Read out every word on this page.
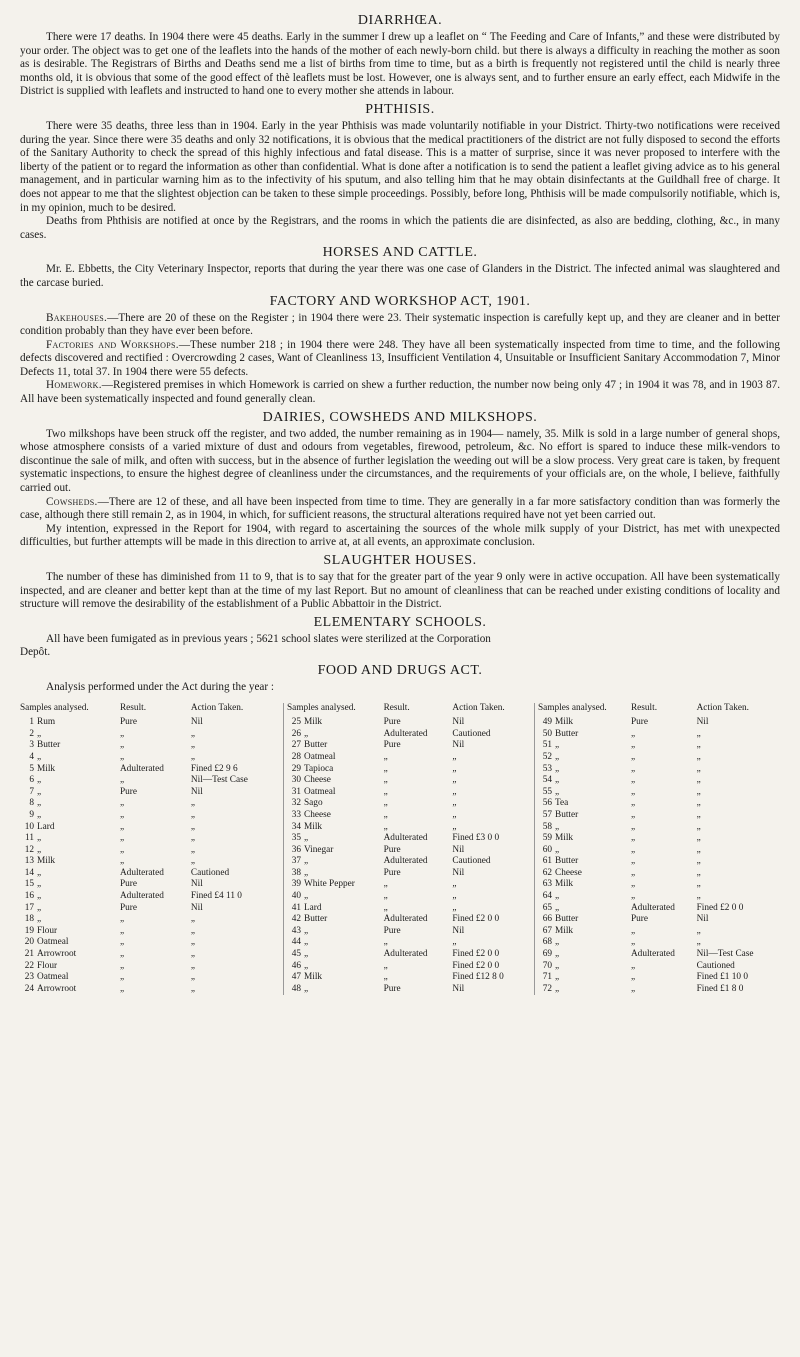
DIARRHŒA.

There were 17 deaths. In 1904 there were 45 deaths. Early in the summer I drew up a leaflet on “ The Feeding and Care of Infants,” and these were distributed by your order. The object was to get one of the leaflets into the hands of the mother of each newly-born child. but there is always a difficulty in reaching the mother as soon as is desirable. The Registrars of Births and Deaths send me a list of births from time to time, but as a birth is frequently not registered until the child is nearly three months old, it is obvious that some of the good effect of thè leaflets must be lost. However, one is always sent, and to further ensure an early effect, each Midwife in the District is supplied with leaflets and instructed to hand one to every mother she attends in labour.

PHTHISIS.

There were 35 deaths, three less than in 1904. Early in the year Phthisis was made voluntarily notifiable in your District. Thirty-two notifications were received during the year. Since there were 35 deaths and only 32 notifications, it is obvious that the medical practitioners of the district are not fully disposed to second the efforts of the Sanitary Authority to check the spread of this highly infectious and fatal disease. This is a matter of surprise, since it was never proposed to interfere with the liberty of the patient or to regard the information as other than confidential. What is done after a notification is to send the patient a leaflet giving advice as to his general management, and in particular warning him as to the infectivity of his sputum, and also telling him that he may obtain disinfectants at the Guildhall free of charge. It does not appear to me that the slightest objection can be taken to these simple proceedings. Possibly, before long, Phthisis will be made compulsorily notifiable, which is, in my opinion, much to be desired.

Deaths from Phthisis are notified at once by the Registrars, and the rooms in which the patients die are disinfected, as also are bedding, clothing, &c., in many cases.

HORSES AND CATTLE.

Mr. E. Ebbetts, the City Veterinary Inspector, reports that during the year there was one case of Glanders in the District. The infected animal was slaughtered and the carcase buried.

FACTORY AND WORKSHOP ACT, 1901.

Bakehouses.—There are 20 of these on the Register ; in 1904 there were 23. Their systematic inspection is carefully kept up, and they are cleaner and in better condition probably than they have ever been before.

Factories and Workshops.—These number 218 ; in 1904 there were 248. They have all been systematically inspected from time to time, and the following defects discovered and rectified : Overcrowding 2 cases, Want of Cleanliness 13, Insufficient Ventilation 4, Unsuitable or Insufficient Sanitary Accommodation 7, Minor Defects 11, total 37. In 1904 there were 55 defects.

Homework.—Registered premises in which Homework is carried on shew a further reduction, the number now being only 47 ; in 1904 it was 78, and in 1903 87. All have been systematically inspected and found generally clean.

DAIRIES, COWSHEDS AND MILKSHOPS.

Two milkshops have been struck off the register, and two added, the number remaining as in 1904— namely, 35. Milk is sold in a large number of general shops, whose atmosphere consists of a varied mixture of dust and odours from vegetables, firewood, petroleum, &c. No effort is spared to induce these milk-vendors to discontinue the sale of milk, and often with success, but in the absence of further legislation the weeding out will be a slow process. Very great care is taken, by frequent systematic inspections, to ensure the highest degree of cleanliness under the circumstances, and the requirements of your officials are, on the whole, I believe, faithfully carried out.

Cowsheds.—There are 12 of these, and all have been inspected from time to time. They are generally in a far more satisfactory condition than was formerly the case, although there still remain 2, as in 1904, in which, for sufficient reasons, the structural alterations required have not yet been carried out.

My intention, expressed in the Report for 1904, with regard to ascertaining the sources of the whole milk supply of your District, has met with unexpected difficulties, but further attempts will be made in this direction to arrive at, at all events, an approximate conclusion.

SLAUGHTER HOUSES.

The number of these has diminished from 11 to 9, that is to say that for the greater part of the year 9 only were in active occupation. All have been systematically inspected, and are cleaner and better kept than at the time of my last Report. But no amount of cleanliness that can be reached under existing conditions of locality and structure will remove the desirability of the establishment of a Public Abbattoir in the District.

ELEMENTARY SCHOOLS.

All have been fumigated as in previous years ; 5621 school slates were sterilized at the Corporation

Depôt.

FOOD AND DRUGS ACT.

Analysis performed under the Act during the year :

Samples analysed.		Result.	Action Taken.
1	Rum	Pure	Nil
2	„	„	„
3	Butter	„	„
4	„	„	„
5	Milk	Adulterated	Fined £2 9 6
6	„	„	Nil—Test Case
7	„	Pure	Nil
8	„	„	„
9	„	„	„
10	Lard	„	„
11	„	„	„
12	„	„	„
13	Milk	„	„
14	„	Adulterated	Cautioned
15	„	Pure	Nil
16	„	Adulterated	Fined £4 11 0
17	„	Pure	Nil
18	„	„	„
19	Flour	„	„
20	Oatmeal	„	„
21	Arrowroot	„	„
22	Flour	„	„
23	Oatmeal	„	„
24	Arrowroot	„	„
Samples analysed.		Result.	Action Taken.
25	Milk	Pure	Nil
26	„	Adulterated	Cautioned
27	Butter	Pure	Nil
28	Oatmeal	„	„
29	Tapioca	„	„
30	Cheese	„	„
31	Oatmeal	„	„
32	Sago	„	„
33	Cheese	„	„
34	Milk	„	„
35	„	Adulterated	Fined £3 0 0
36	Vinegar	Pure	Nil
37	„	Adulterated	Cautioned
38	„	Pure	Nil
39	White Pepper	„	„
40	„	„	„
41	Lard	„	„
42	Butter	Adulterated	Fined £2 0 0
43	„	Pure	Nil
44	„	„	„
45	„	Adulterated	Fined £2 0 0
46	„	„	Fined £2 0 0
47	Milk	„	Fined £12 8 0
48	„	Pure	Nil
Samples analysed.		Result.	Action Taken.
49	Milk	Pure	Nil
50	Butter	„	„
51	„	„	„
52	„	„	„
53	„	„	„
54	„	„	„
55	„	„	„
56	Tea	„	„
57	Butter	„	„
58	„	„	„
59	Milk	„	„
60	„	„	„
61	Butter	„	„
62	Cheese	„	„
63	Milk	„	„
64	„	„	„
65	„	Adulterated	Fined £2 0 0
66	Butter	Pure	Nil
67	Milk	„	„
68	„	„	„
69	„	Adulterated	Nil—Test Case
70	„	„	Cautioned
71	„	„	Fined £1 10 0
72	„	„	Fined £1 8 0
